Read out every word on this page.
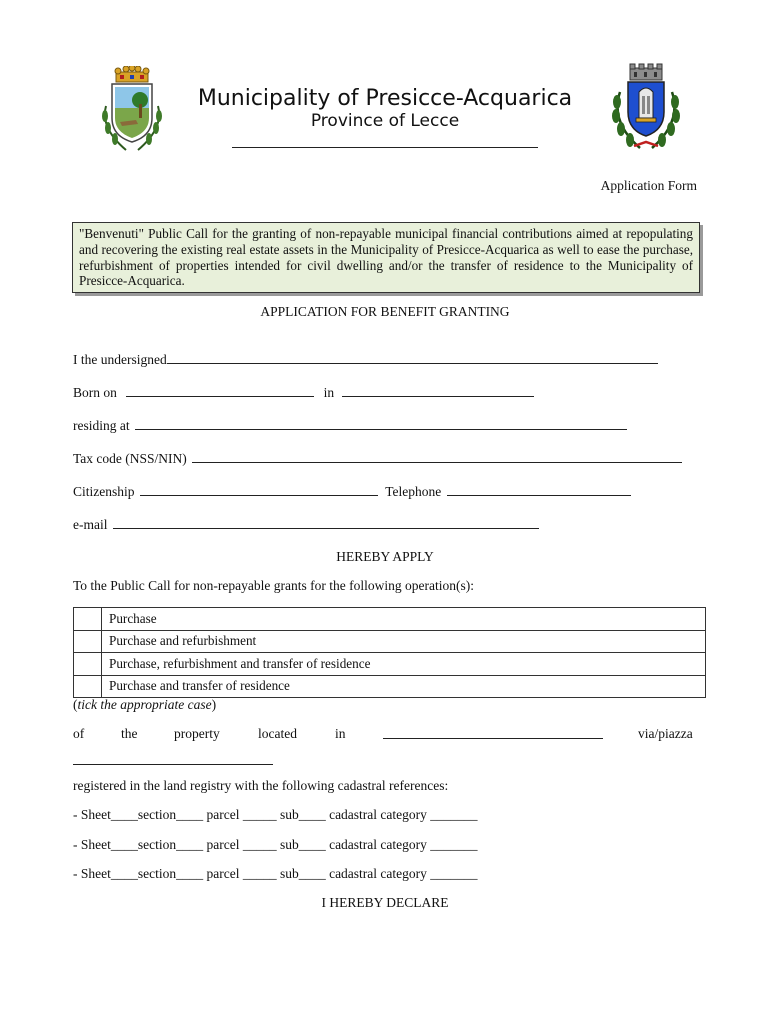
Municipality of Presicce-Acquarica
Province of Lecce
Application Form
"Benvenuti" Public Call for the granting of non-repayable municipal financial contributions aimed at repopulating and recovering the existing real estate assets in the Municipality of Presicce-Acquarica as well to ease the purchase, refurbishment of properties intended for civil dwelling and/or the transfer of residence to the Municipality of Presicce-Acquarica.
APPLICATION FOR BENEFIT GRANTING
I the undersigned
Born on	in
residing at
Tax code (NSS/NIN)
Citizenship	Telephone
e-mail
HEREBY APPLY
To the Public Call for non-repayable grants for the following operation(s):
	Purchase
	Purchase and refurbishment
	Purchase, refurbishment and transfer of residence
	Purchase and transfer of residence
(tick the appropriate case)
of	the	property	located	in	via/piazza
registered in the land registry with the following cadastral references:
- Sheet____section____ parcel _____ sub____ cadastral category _______
- Sheet____section____ parcel _____ sub____ cadastral category _______
- Sheet____section____ parcel _____ sub____ cadastral category _______
I HEREBY DECLARE
